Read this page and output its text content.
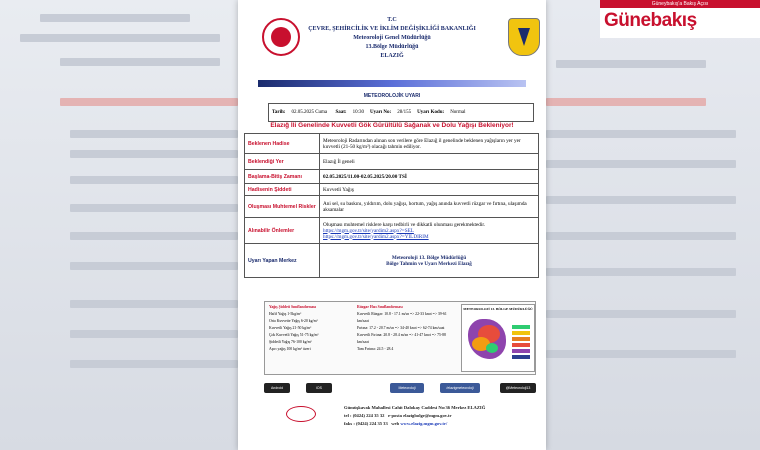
Güneybakış'a Bakış Açısı
Günebakış
T.C
ÇEVRE, ŞEHİRCİLİK VE İKLİM DEĞİŞİKLİĞİ BAKANLIĞI
Meteoroloji Genel Müdürlüğü
13.Bölge Müdürlüğü
ELAZIĞ
METEOROLOJİK UYARI
Tarih:	02.05.2025 Cuma	Saat:	10:30	Uyarı No:	28/155	Uyarı Kodu:	Normal
Elazığ İli Genelinde Kuvvetli Gök Gürültülü Sağanak ve Dolu Yağışı Bekleniyor!
Beklenen Hadise	Meteoroloji Radarından alınan son verilere göre Elazığ il genelinde beklenen yağışların yer yer kuvvetli (21-50 kg/m²) olacağı tahmin ediliyor.
Beklendiği Yer	Elazığ İl geneli
Başlama-Bitiş Zamanı	02.05.2025/11.00-02.05.2025/20.00 TSİ
Hadisenin Şiddeti	Kuvvetli Yağış
Oluşması Muhtemel Riskler	Ani sel, su baskını, yıldırım, dolu yağışı, hortum, yağış anında kuvvetli rüzgar ve fırtına, ulaşımda aksamalar
Alınabilir Önlemler	Oluşması muhtemel risklere karşı tedbirli ve dikkatli olunması gerekmektedir.
https://mgm.gov.tr/site/yardim2.aspx?=SEL
https://mgm.gov.tr/site/yardim2.aspx?=YILDIRIM
Uyarı Yapan Merkez	Meteoroloji 13. Bölge Müdürlüğü
Bölge Tahmin ve Uyarı Merkezi Elazığ
Yağış Şiddeti Sınıflandırması
Hafif Yağış 1-5kg/m²
Orta Kuvvette Yağış 6-20 kg/m²
Kuvvetli Yağış 21-50 kg/m²
Çok Kuvvetli Yağış 51-75 kg/m²
Şiddetli Yağış 76-100 kg/m²
Aşırı yağış 100 kg/m² üzeri
Rüzgar Hızı Sınıflandırması
Kuvvetli Rüzgar: 10.8 - 17.1 m/sn => 22-33 knot => 39-61 km/saat
Fırtına: 17.2 - 20.7 m/sn => 34-40 knot => 62-74 km/saat
Kuvvetli Fırtına: 20.8 - 28.4 m/sn => 41-47 knot => 75-88 km/saat
Tam Fırtına: 24.5 - 28.4
METEOROLOJİ 13. BÖLGE MÜDÜRLÜĞÜ
Android	iOS	Meteoroloji	/elazigmeteoroloji	@Meteoroloji13
Gümüşkavak Mahallesi Cahit Dalokay Caddesi No:36 Merkez ELAZIĞ
tel : (0424) 224 35 32 e-posta elazigbolge@mgm.gov.tr
faks : (0424) 224 35 33 web www.elazig.mgm.gov.tr/
